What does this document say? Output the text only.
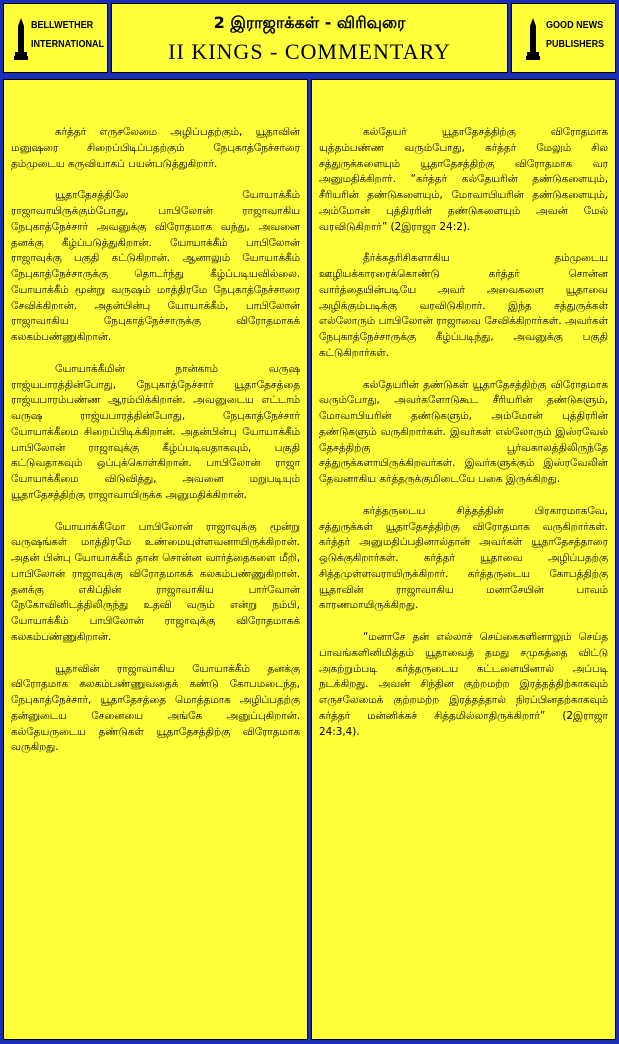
BELLWETHER
INTERNATIONAL
2 இராஜாக்கள் - விரிவுரை
II KINGS - COMMENTARY
GOOD NEWS
PUBLISHERS

கர்த்தர் எருசலேமை அழிப்பதற்கும், யூதாவின் மனுஷரை சிறைப்பிடிப்பதற்கும் நேபுகாத்நேச்சாரை தம்முடைய கருவியாகப் பயன்படுத்துகிறார்.

யூதாதேசத்திலே யோயாக்கீம் ராஜாவாயிருக்கும்போது, பாபிலோன் ராஜாவாகிய நேபுகாத்நேச்சார் அவனுக்கு விரோதமாக வந்து, அவனை தனக்கு கீழ்ப்படுத்துகிறான். யோயாக்கீம் பாபிலோன் ராஜாவுக்கு பகுதி கட்டுகிறான். ஆனாலும் யோயாக்கீம் நேபுகாத்நேச்சாருக்கு தொடர்ந்து கீழ்ப்படியவில்லை. யோயாக்கீம் மூன்று வருஷம் மாத்திரமே நேபுகாத்நேச்சாரை சேவிக்கிறான். அதன்பின்பு யோயாக்கீம், பாபிலோன் ராஜாவாகிய நேபுகாத்நேச்சாருக்கு விரோதமாகக் கலகம்பண்ணுகிறான்.

யோயாக்கீமின் நான்காம் வருஷ ராஜ்யபாரத்தின்போது, நேபுகாத்நேச்சார் யூதாதேசத்தை ராஜ்யபாரம்பண்ண ஆரம்பிக்கிறான். அவனுடைய எட்டாம் வருஷ ராஜ்யபாரத்தின்போது, நேபுகாத்நேச்சார் யோயாக்கீமை சிறைப்பிடிக்கிறான். அதன்பின்பு யோயாக்கீம் பாபிலோன் ராஜாவுக்கு கீழ்ப்படிவதாகவும், பகுதி கட்டுவதாகவும் ஒப்புக்கொள்கிறான். பாபிலோன் ராஜா யோயாக்கீமை விடுவித்து, அவனை மறுபடியும் யூதாதேசத்திற்கு ராஜாவாயிருக்க அனுமதிக்கிறான்.

யோயாக்கீமோ பாபிலோன் ராஜாவுக்கு மூன்று வருஷங்கள் மாத்திரமே உண்மையுள்ளவனாயிருக்கிறான். அதன் பின்பு யோயாக்கீம் தான் சொன்ன வார்த்தைகளை மீறி, பாபிலோன் ராஜாவுக்கு விரோதமாகக் கலகம்பண்ணுகிறான். தனக்கு எகிப்தின் ராஜாவாகிய பார்வோன் நேகோவினிடத்திலிருந்து உதவி வரும் என்று நம்பி, யோயாக்கீம் பாபிலோன் ராஜாவுக்கு விரோதமாகக் கலகம்பண்ணுகிறான்.

யூதாவின் ராஜாவாகிய யோயாக்கீம் தனக்கு விரோதமாக கலகம்பண்ணுவதைக் கண்டு கோபமடைந்த, நேபுகாத்நேச்சார், யூதாதேசத்தை மொத்தமாக அழிப்பதற்கு தன்னுடைய சேனையை அங்கே அனுப்புகிறான். கல்தேயருடைய தண்டுகள் யூதாதேசத்திற்கு விரோதமாக வருகிறது.

கல்தேயர் யூதாதேசத்திற்கு விரோதமாக யுத்தம்பண்ண வரும்போது, கர்த்தர் மேலும் சில சத்துருக்களையும் யூதாதேசத்திற்கு விரோதமாக வர அனுமதிக்கிறார். “கர்த்தர் கல்தேயரின் தண்டுகளையும், சீரியரின் தண்டுகளையும், மோவாபியரின் தண்டுகளையும், அம்மோன் புத்திரரின் தண்டுகளையும் அவன் மேல் வரவிடுகிறார்” (2இராஜா 24:2).

தீர்க்கதரிசிகளாகிய தம்முடைய ஊழியக்காரரைக்கொண்டு கர்த்தர் சொன்ன வார்த்தையின்படியே அவர் அவைகளை யூதாவை அழிக்கும்படிக்கு வரவிடுகிறார். இந்த சத்துருக்கள் எல்லோரும் பாபிலோன் ராஜாவை சேவிக்கிறார்கள். அவர்கள் நேபுகாத்நேச்சாருக்கு கீழ்ப்படிந்து, அவனுக்கு பகுதி கட்டுகிறார்கள்.

கல்தேயரின் தண்டுகள் யூதாதேசத்திற்கு விரோதமாக வரும்போது, அவர்களோடுகூட சீரியரின் தண்டுகளும், மோவாபியரின் தண்டுகளும், அம்மோன் புத்திரரின் தண்டுகளும் வருகிறார்கள். இவர்கள் எல்லோரும் இஸ்ரவேல் தேசத்திற்கு பூர்வகாலத்திலிருந்தே சத்துருக்களாயிருக்கிறவர்கள். இவர்களுக்கும் இஸ்ரவேலின் தேவனாகிய கர்த்தருக்குமிடையே பகை இருக்கிறது.

கர்த்தருடைய சித்தத்தின் பிரகாரமாகவே, சத்துருக்கள் யூதாதேசத்திற்கு விரோதமாக வருகிறார்கள். கர்த்தர் அனுமதிப்பதினால்தான் அவர்கள் யூதாதேசத்தாரை ஒடுக்குகிறார்கள். கர்த்தர் யூதாவை அழிப்பதற்கு சித்தமுள்ளவராயிருக்கிறார். கர்த்தருடைய கோபத்திற்கு யூதாவின் ராஜாவாகிய மனாசேயின் பாவம் காரணமாயிருக்கிறது.

“மனாசே தன் எல்லாச் செய்கைகளினாலும் செய்த பாவங்களினிமித்தம் யூதாவைத் தமது சமுகத்தை விட்டு அகற்றும்படி கர்த்தருடைய கட்டளையினால் அப்படி நடக்கிறது. அவன் சிந்தின குற்றமற்ற இரத்தத்திற்காகவும் எருசலேமைக் குற்றமற்ற இரத்தத்தால் நிரப்பினதற்காகவும் கர்த்தர் மன்னிக்கச் சித்தமில்லாதிருக்கிறார்” (2இராஜா 24:3,4).
